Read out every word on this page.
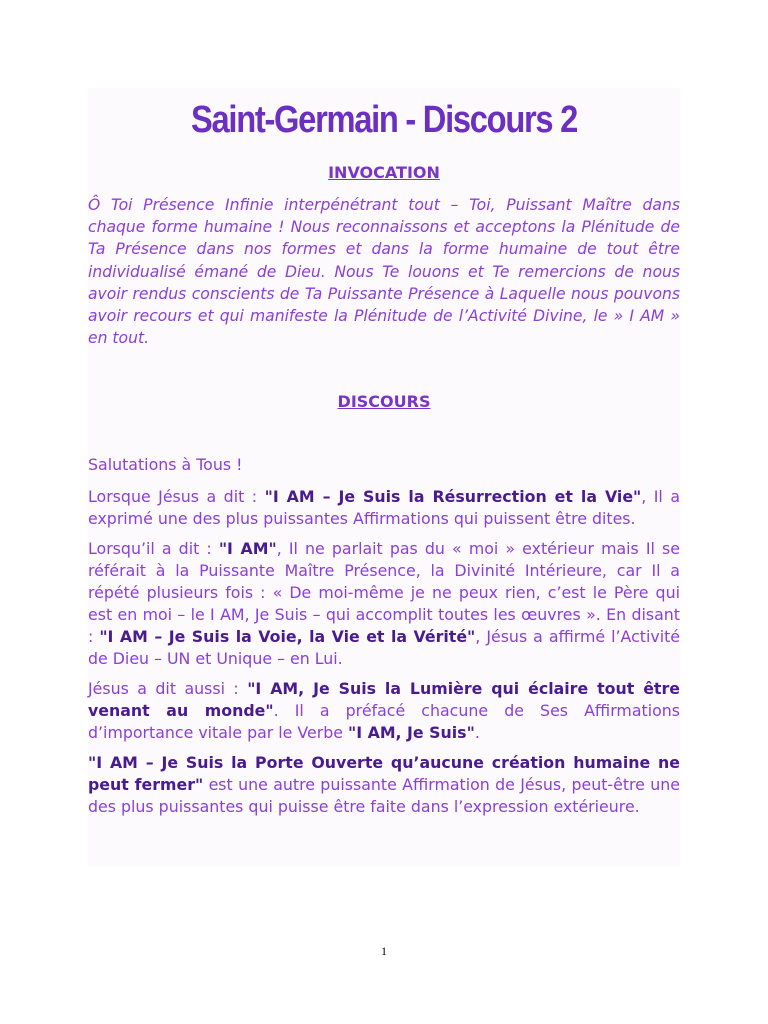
Saint-Germain - Discours 2
INVOCATION

Ô Toi Présence Infinie interpénétrant tout – Toi, Puissant Maître dans chaque forme humaine ! Nous reconnaissons et acceptons la Plénitude de Ta Présence dans nos formes et dans la forme humaine de tout être individualisé émané de Dieu. Nous Te louons et Te remercions de nous avoir rendus conscients de Ta Puissante Présence à Laquelle nous pouvons avoir recours et qui manifeste la Plénitude de l’Activité Divine, le » I AM » en tout.

DISCOURS

Salutations à Tous !

Lorsque Jésus a dit : "I AM – Je Suis la Résurrection et la Vie", Il a exprimé une des plus puissantes Affirmations qui puissent être dites.

Lorsqu’il a dit : "I AM", Il ne parlait pas du « moi » extérieur mais Il se référait à la Puissante Maître Présence, la Divinité Intérieure, car Il a répété plusieurs fois : « De moi-même je ne peux rien, c’est le Père qui est en moi – le I AM, Je Suis – qui accomplit toutes les œuvres ». En disant : "I AM – Je Suis la Voie, la Vie et la Vérité", Jésus a affirmé l’Activité de Dieu – UN et Unique – en Lui.

Jésus a dit aussi : "I AM, Je Suis la Lumière qui éclaire tout être venant au monde". Il a préfacé chacune de Ses Affirmations d’importance vitale par le Verbe "I AM, Je Suis".

"I AM – Je Suis la Porte Ouverte qu’aucune création humaine ne peut fermer" est une autre puissante Affirmation de Jésus, peut-être une des plus puissantes qui puisse être faite dans l’expression extérieure.

1
